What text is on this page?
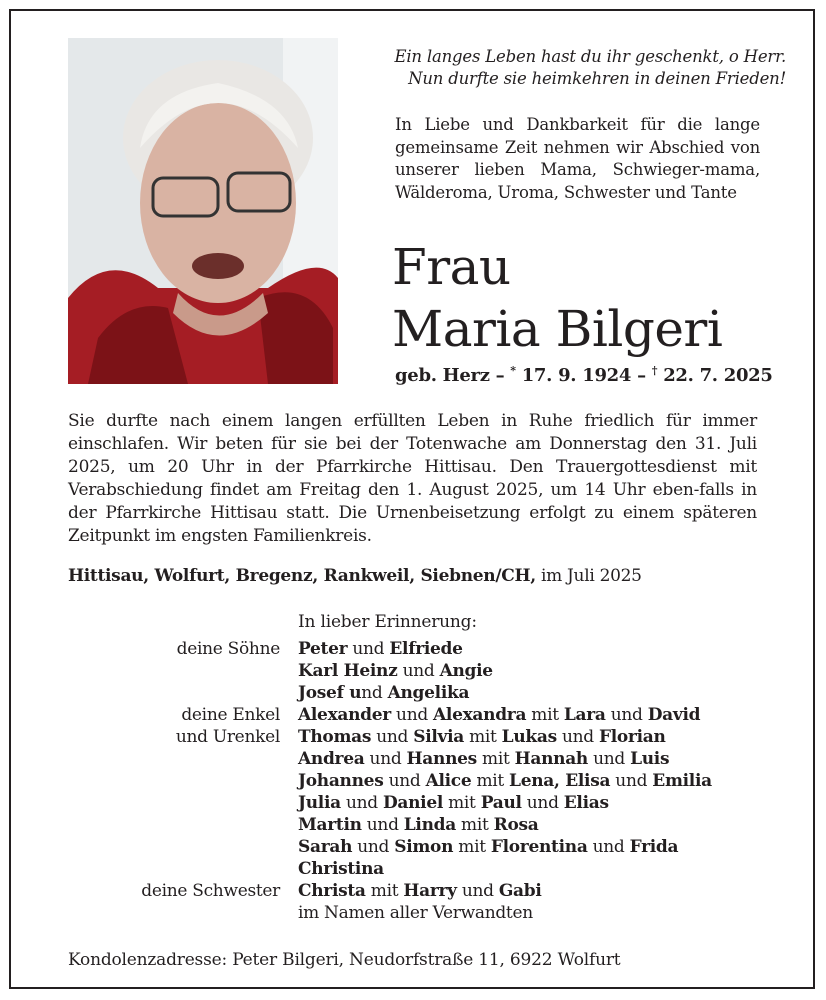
Ein langes Leben hast du ihr geschenkt, o Herr.
Nun durfte sie heimkehren in deinen Frieden!
In Liebe und Dankbarkeit für die lange gemeinsame Zeit nehmen wir Abschied von unserer lieben Mama, Schwieger-mama, Wälderoma, Uroma, Schwester und Tante
Frau
Maria Bilgeri
geb. Herz – * 17. 9. 1924 – † 22. 7. 2025
Sie durfte nach einem langen erfüllten Leben in Ruhe friedlich für immer einschlafen. Wir beten für sie bei der Totenwache am Donnerstag den 31. Juli 2025, um 20 Uhr in der Pfarrkirche Hittisau. Den Trauergottesdienst mit Verabschiedung findet am Freitag den 1. August 2025, um 14 Uhr eben-falls in der Pfarrkirche Hittisau statt. Die Urnenbeisetzung erfolgt zu einem späteren Zeitpunkt im engsten Familienkreis.
Hittisau, Wolfurt, Bregenz, Rankweil, Siebnen/CH, im Juli 2025
In lieber Erinnerung:
deine Söhne	Peter und Elfriede
Karl Heinz und Angie
Josef und Angelika
deine Enkel	Alexander und Alexandra mit Lara und David
und Urenkel	Thomas und Silvia mit Lukas und Florian
Andrea und Hannes mit Hannah und Luis
Johannes und Alice mit Lena, Elisa und Emilia
Julia und Daniel mit Paul und Elias
Martin und Linda mit Rosa
Sarah und Simon mit Florentina und Frida
Christina
deine Schwester	Christa mit Harry und Gabi
im Namen aller Verwandten
Kondolenzadresse: Peter Bilgeri, Neudorfstraße 11, 6922 Wolfurt
